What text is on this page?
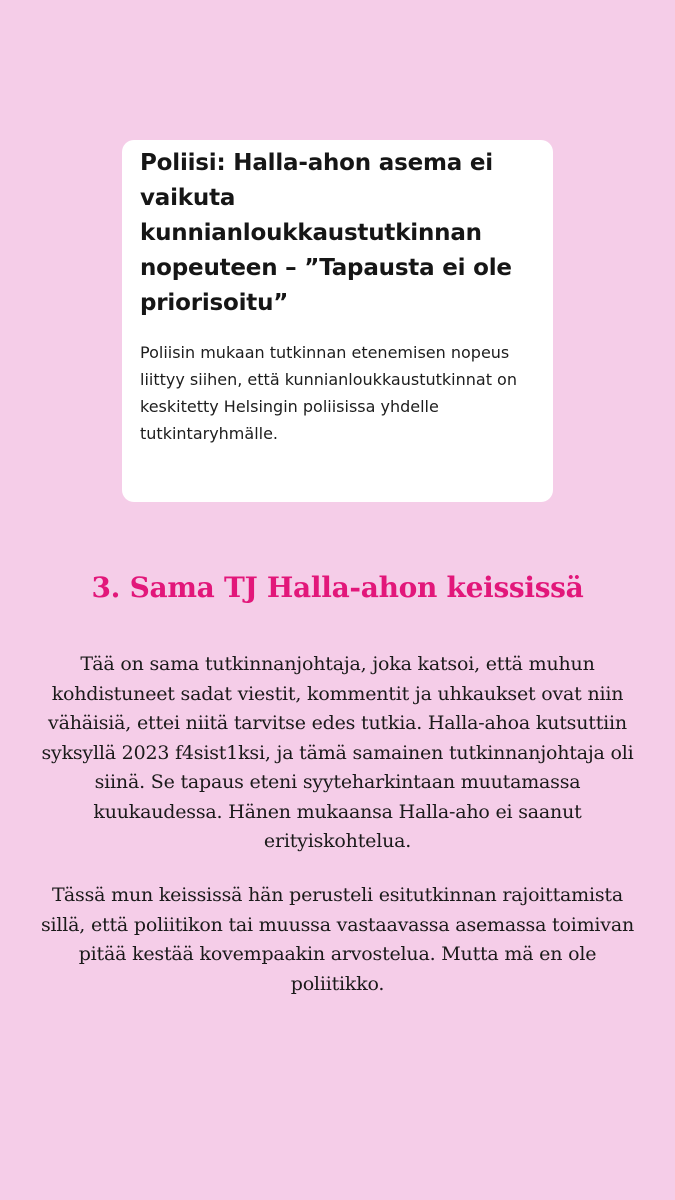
Poliisi: Halla-ahon asema ei vaikuta kunnianloukkaustutkinnan nopeuteen – ”Tapausta ei ole priorisoitu”

Poliisin mukaan tutkinnan etenemisen nopeus liittyy siihen, että kunnianloukkaustutkinnat on keskitetty Helsingin poliisissa yhdelle tutkintaryhmälle.

3. Sama TJ Halla-ahon keississä

Tää on sama tutkinnanjohtaja, joka katsoi, että muhun kohdistuneet sadat viestit, kommentit ja uhkaukset ovat niin vähäisiä, ettei niitä tarvitse edes tutkia. Halla-ahoa kutsuttiin syksyllä 2023 f4sist1ksi, ja tämä samainen tutkinnanjohtaja oli siinä. Se tapaus eteni syyteharkintaan muutamassa kuukaudessa. Hänen mukaansa Halla-aho ei saanut erityiskohtelua.

Tässä mun keississä hän perusteli esitutkinnan rajoittamista sillä, että poliitikon tai muussa vastaavassa asemassa toimivan pitää kestää kovempaakin arvostelua. Mutta mä en ole poliitikko.
